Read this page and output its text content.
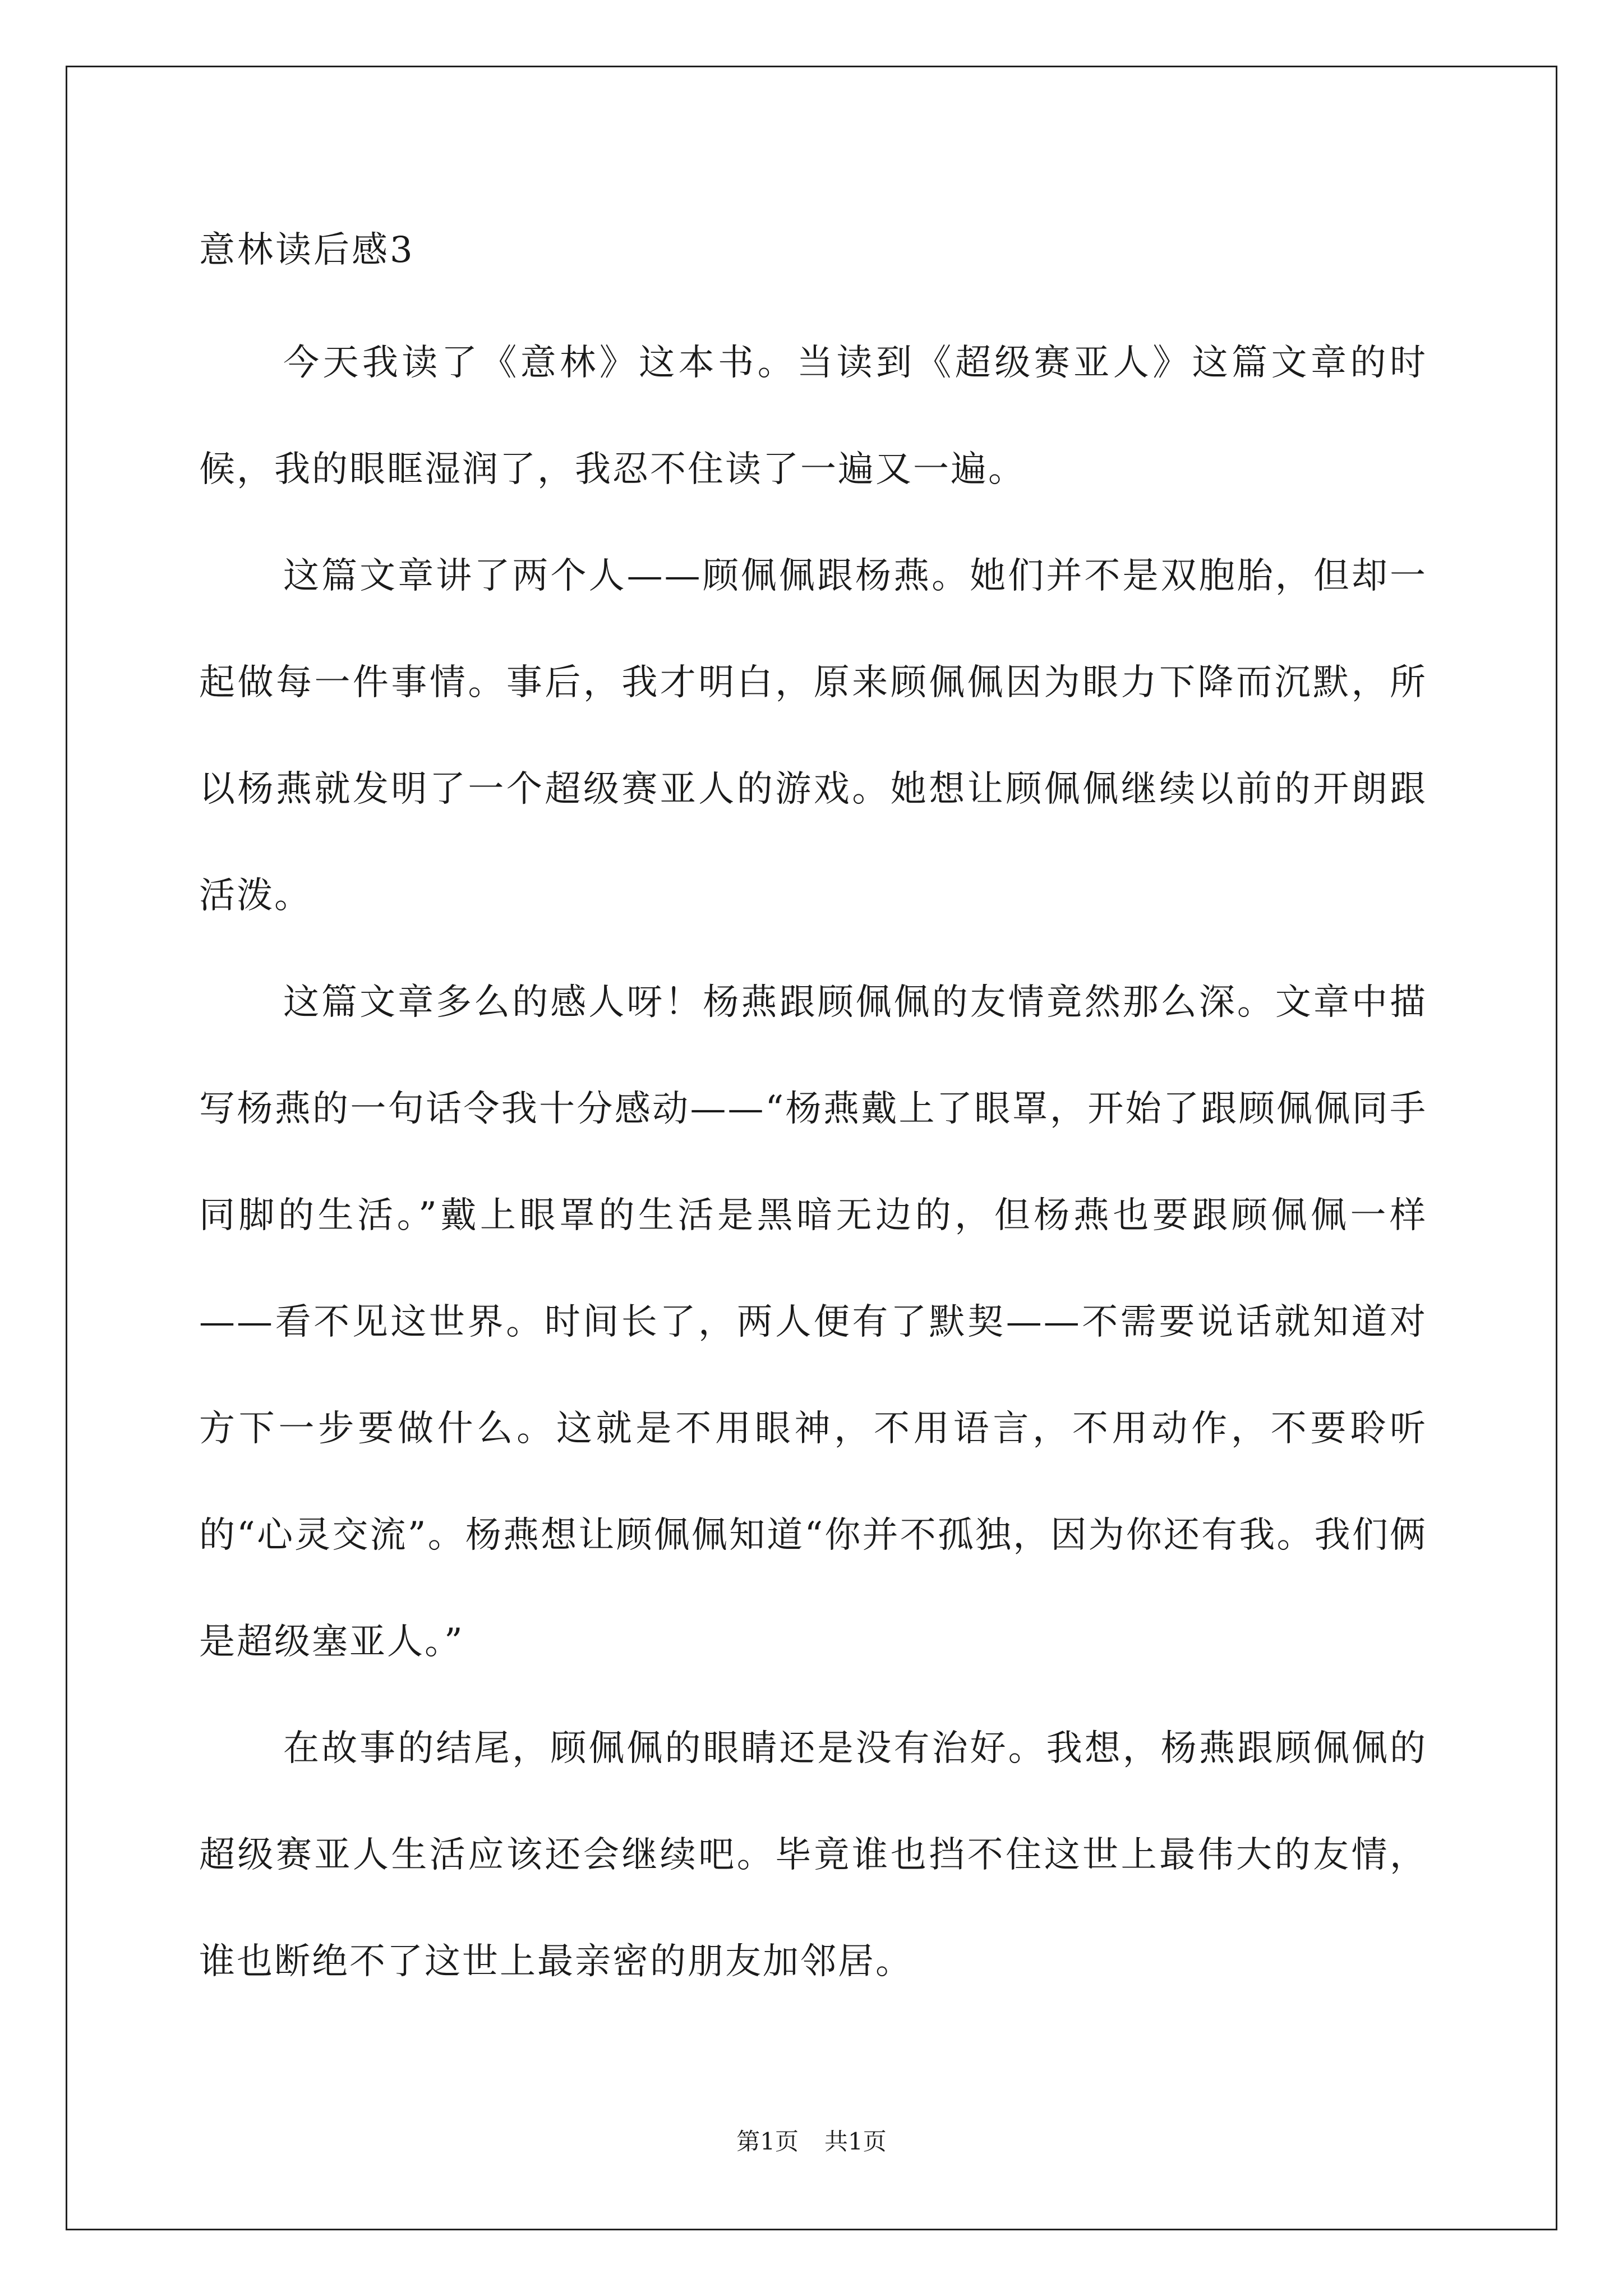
意林读后感3

今天我读了《意林》这本书。当读到《超级赛亚人》这篇文章的时候，我的眼眶湿润了，我忍不住读了一遍又一遍。

这篇文章讲了两个人——顾佩佩跟杨燕。她们并不是双胞胎，但却一起做每一件事情。事后，我才明白，原来顾佩佩因为眼力下降而沉默，所以杨燕就发明了一个超级赛亚人的游戏。她想让顾佩佩继续以前的开朗跟活泼。

这篇文章多么的感人呀！杨燕跟顾佩佩的友情竟然那么深。文章中描写杨燕的一句话令我十分感动——“杨燕戴上了眼罩，开始了跟顾佩佩同手同脚的生活。”戴上眼罩的生活是黑暗无边的，但杨燕也要跟顾佩佩一样——看不见这世界。时间长了，两人便有了默契——不需要说话就知道对方下一步要做什么。这就是不用眼神，不用语言，不用动作，不要聆听的“心灵交流”。杨燕想让顾佩佩知道“你并不孤独，因为你还有我。我们俩是超级塞亚人。”

在故事的结尾，顾佩佩的眼睛还是没有治好。我想，杨燕跟顾佩佩的超级赛亚人生活应该还会继续吧。毕竟谁也挡不住这世上最伟大的友情，谁也断绝不了这世上最亲密的朋友加邻居。

第1页 共1页
